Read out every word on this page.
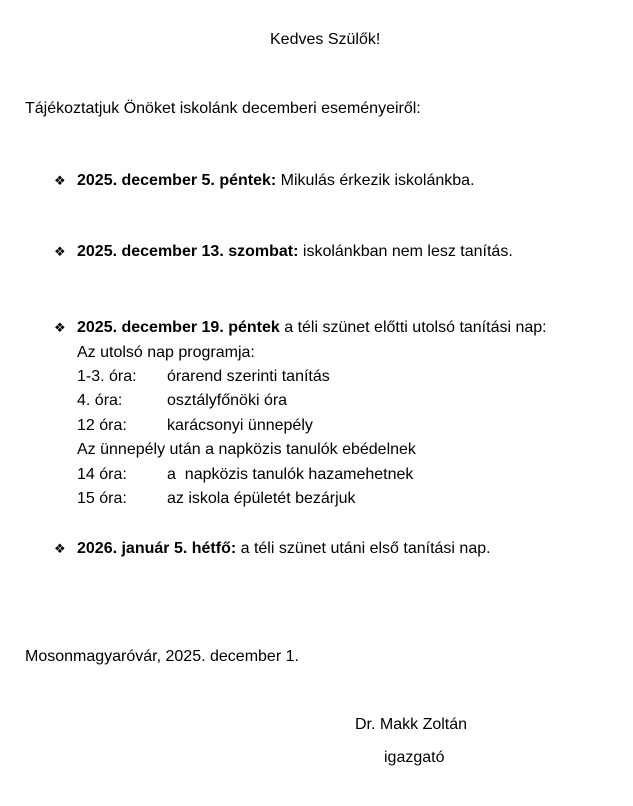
Kedves Szülők!
Tájékoztatjuk Önöket iskolánk decemberi eseményeiről:
❖ 2025. december 5. péntek: Mikulás érkezik iskolánkba.
❖ 2025. december 13. szombat: iskolánkban nem lesz tanítás.
❖ 2025. december 19. péntek a téli szünet előtti utolsó tanítási nap:
Az utolsó nap programja:
1-3. óra: órarend szerinti tanítás
4. óra:	osztályfőnöki óra
12 óra:	karácsonyi ünnepély
Az ünnepély után a napközis tanulók ebédelnek
14 óra:	a  napközis tanulók hazamehetnek
15 óra:	az iskola épületét bezárjuk
❖ 2026. január 5. hétfő: a téli szünet utáni első tanítási nap.
Mosonmagyaróvár, 2025. december 1.
Dr. Makk Zoltán
igazgató
